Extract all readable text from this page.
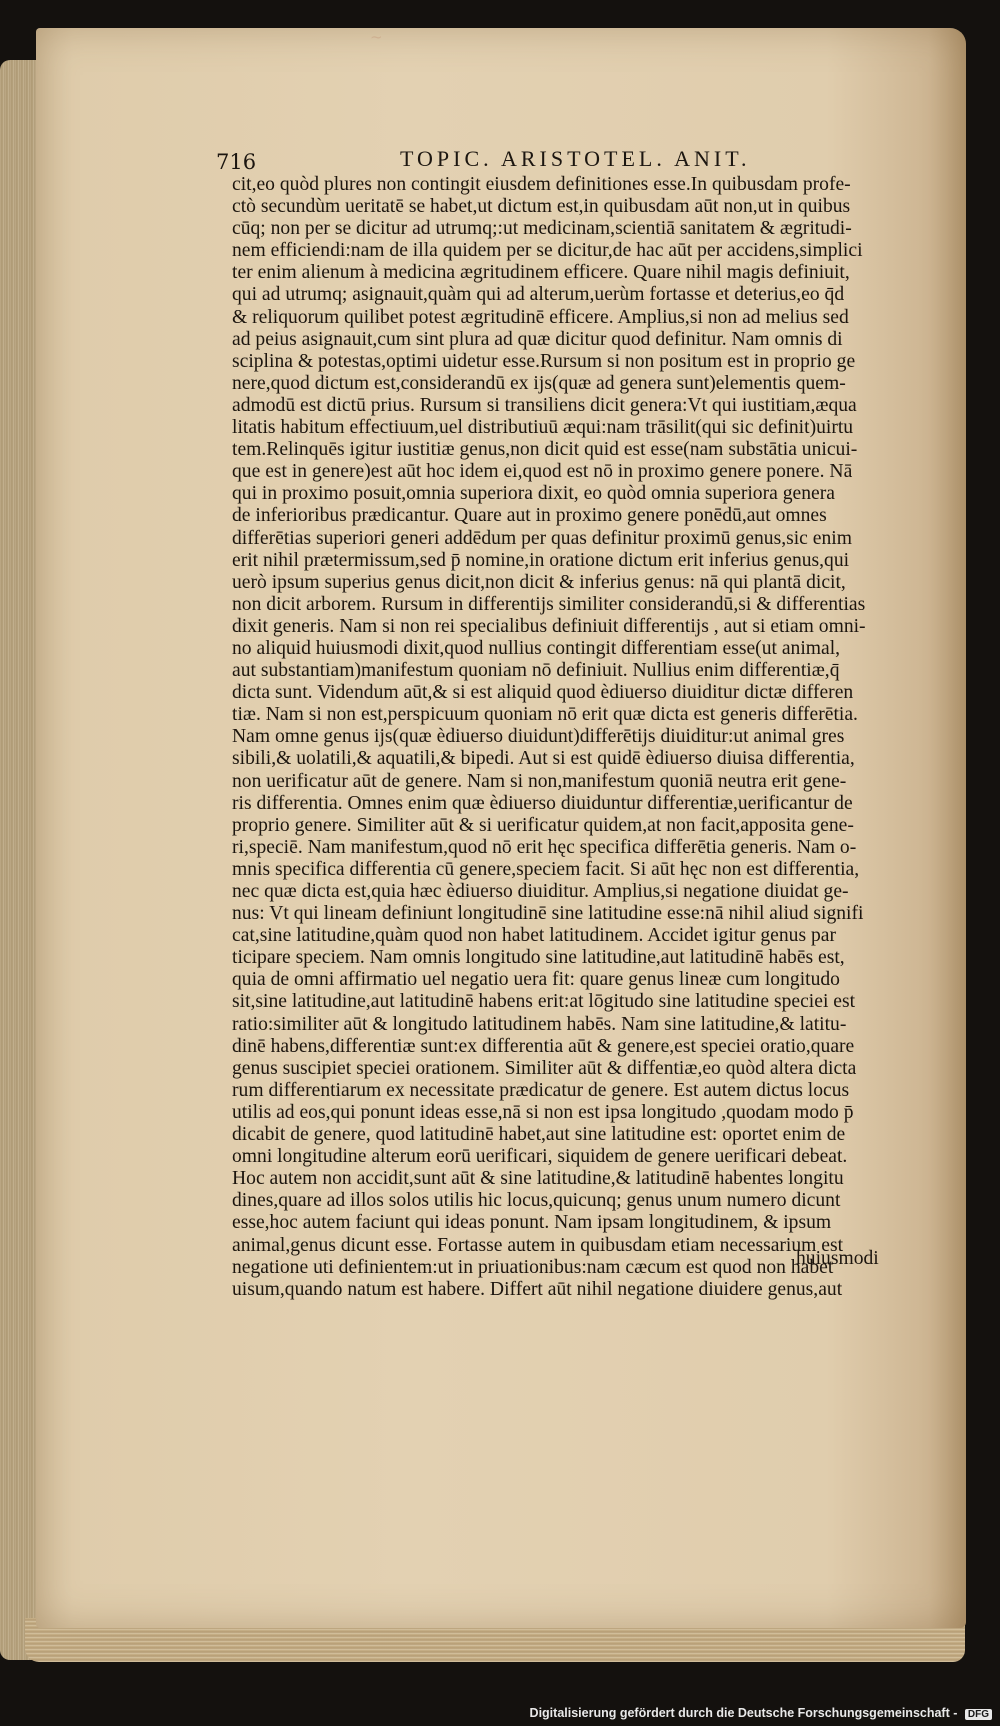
~
716	TOPIC. ARISTOTEL. ANIT.
cit,eo quòd plures non contingit eiusdem definitiones esse.In quibusdam profe-
ctò secundùm ueritatē se habet,ut dictum est,in quibusdam aūt non,ut in quibus
cūq; non per se dicitur ad utrumq;:ut medicinam,scientiā sanitatem & ægritudi-
nem efficiendi:nam de illa quidem per se dicitur,de hac aūt per accidens,simplici
ter enim alienum à medicina ægritudinem efficere. Quare nihil magis definiuit,
qui ad utrumq; asignauit,quàm qui ad alterum,uerùm fortasse et deterius,eo q̄d
& reliquorum quilibet potest ægritudinē efficere. Amplius,si non ad melius sed
ad peius asignauit,cum sint plura ad quæ dicitur quod definitur. Nam omnis di
sciplina & potestas,optimi uidetur esse.Rursum si non positum est in proprio ge
nere,quod dictum est,considerandū ex ijs(quæ ad genera sunt)elementis quem-
admodū est dictū prius. Rursum si transiliens dicit genera:Vt qui iustitiam,æqua
litatis habitum effectiuum,uel distributiuū æqui:nam trāsilit(qui sic definit)uirtu
tem.Relinquēs igitur iustitiæ genus,non dicit quid est esse(nam substātia unicui-
que est in genere)est aūt hoc idem ei,quod est nō in proximo genere ponere. Nā
qui in proximo posuit,omnia superiora dixit, eo quòd omnia superiora genera
de inferioribus prædicantur. Quare aut in proximo genere ponēdū,aut omnes
differētias superiori generi addēdum per quas definitur proximū genus,sic enim
erit nihil prætermissum,sed p̄ nomine,in oratione dictum erit inferius genus,qui
uerò ipsum superius genus dicit,non dicit & inferius genus: nā qui plantā dicit,
non dicit arborem. Rursum in differentijs similiter considerandū,si & differentias
dixit generis. Nam si non rei specialibus definiuit differentijs , aut si etiam omni-
no aliquid huiusmodi dixit,quod nullius contingit differentiam esse(ut animal,
aut substantiam)manifestum quoniam nō definiuit. Nullius enim differentiæ,q̄
dicta sunt. Videndum aūt,& si est aliquid quod èdiuerso diuiditur dictæ differen
tiæ. Nam si non est,perspicuum quoniam nō erit quæ dicta est generis differētia.
Nam omne genus ijs(quæ èdiuerso diuidunt)differētijs diuiditur:ut animal gres
sibili,& uolatili,& aquatili,& bipedi. Aut si est quidē èdiuerso diuisa differentia,
non uerificatur aūt de genere. Nam si non,manifestum quoniā neutra erit gene-
ris differentia. Omnes enim quæ èdiuerso diuiduntur differentiæ,uerificantur de
proprio genere. Similiter aūt & si uerificatur quidem,at non facit,apposita gene-
ri,speciē. Nam manifestum,quod nō erit hęc specifica differētia generis. Nam o-
mnis specifica differentia cū genere,speciem facit. Si aūt hęc non est differentia,
nec quæ dicta est,quia hæc èdiuerso diuiditur. Amplius,si negatione diuidat ge-
nus: Vt qui lineam definiunt longitudinē sine latitudine esse:nā nihil aliud signifi
cat,sine latitudine,quàm quod non habet latitudinem. Accidet igitur genus par
ticipare speciem. Nam omnis longitudo sine latitudine,aut latitudinē habēs est,
quia de omni affirmatio uel negatio uera fit: quare genus lineæ cum longitudo
sit,sine latitudine,aut latitudinē habens erit:at lōgitudo sine latitudine speciei est
ratio:similiter aūt & longitudo latitudinem habēs. Nam sine latitudine,& latitu-
dinē habens,differentiæ sunt:ex differentia aūt & genere,est speciei oratio,quare
genus suscipiet speciei orationem. Similiter aūt & diffentiæ,eo quòd altera dicta
rum differentiarum ex necessitate prædicatur de genere. Est autem dictus locus
utilis ad eos,qui ponunt ideas esse,nā si non est ipsa longitudo ,quodam modo p̄
dicabit de genere, quod latitudinē habet,aut sine latitudine est: oportet enim de
omni longitudine alterum eorū uerificari, siquidem de genere uerificari debeat.
Hoc autem non accidit,sunt aūt & sine latitudine,& latitudinē habentes longitu
dines,quare ad illos solos utilis hic locus,quicunq; genus unum numero dicunt
esse,hoc autem faciunt qui ideas ponunt. Nam ipsam longitudinem, & ipsum
animal,genus dicunt esse. Fortasse autem in quibusdam etiam necessarium est
negatione uti definientem:ut in priuationibus:nam cæcum est quod non habet
uisum,quando natum est habere. Differt aūt nihil negatione diuidere genus,aut
huiusmodi
Digitalisierung gefördert durch die Deutsche Forschungsgemeinschaft - DFG
